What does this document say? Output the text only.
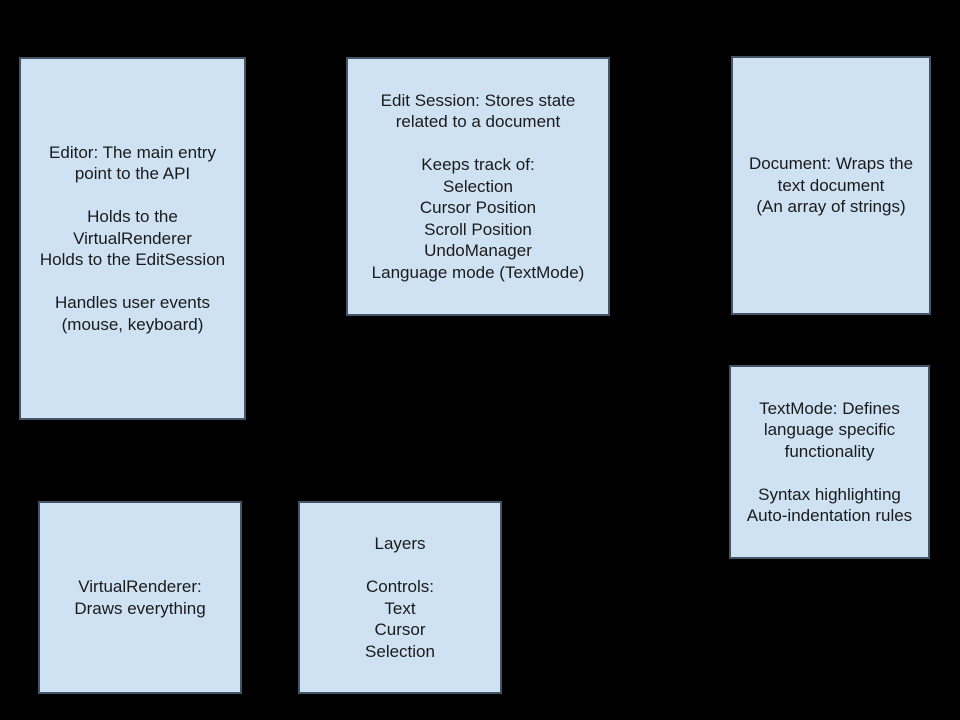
Editor: The main entry
point to the API
Holds to the
VirtualRenderer
Holds to the EditSession
Handles user events
(mouse, keyboard)
Edit Session: Stores state
related to a document
Keeps track of:
Selection
Cursor Position
Scroll Position
UndoManager
Language mode (TextMode)
Document: Wraps the
text document
(An array of strings)
TextMode: Defines
language specific
functionality
Syntax highlighting
Auto-indentation rules
VirtualRenderer:
Draws everything
Layers
Controls:
Text
Cursor
Selection
